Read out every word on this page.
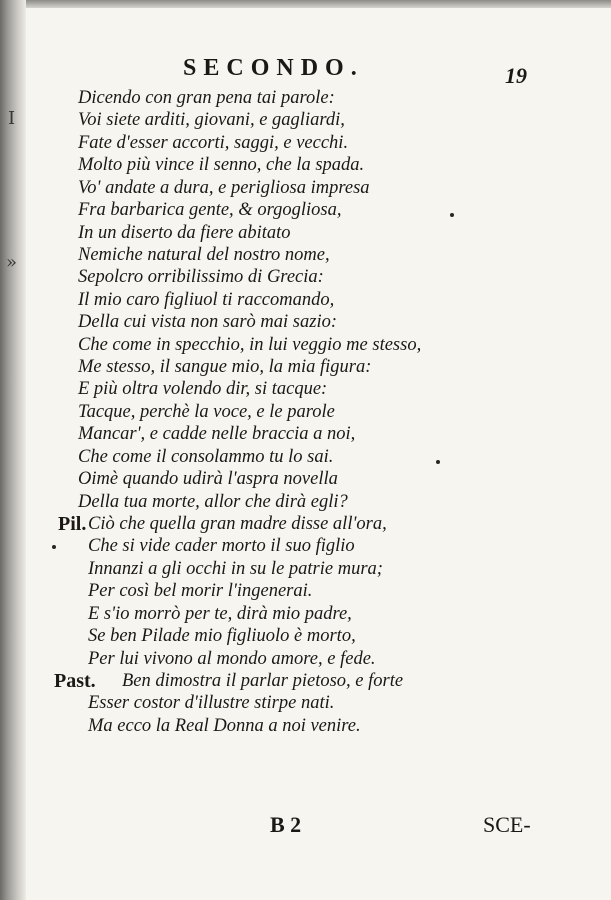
I
»
SECONDO.	19
Dicendo con gran pena tai parole:
Voi siete arditi, giovani, e gagliardi,
Fate d'esser accorti, saggi, e vecchi.
Molto più vince il senno, che la spada.
Vo' andate a dura, e perigliosa impresa
Fra barbarica gente, & orgogliosa,
In un diserto da fiere abitato
Nemiche natural del nostro nome,
Sepolcro orribilissimo di Grecia:
Il mio caro figliuol ti raccomando,
Della cui vista non sarò mai sazio:
Che come in specchio, in lui veggio me stesso,
Me stesso, il sangue mio, la mia figura:
E più oltra volendo dir, si tacque:
Tacque, perchè la voce, e le parole
Mancar', e cadde nelle braccia a noi,
Che come il consolammo tu lo sai.
Oimè quando udirà l'aspra novella
Della tua morte, allor che dirà egli?
Pil. Ciò che quella gran madre disse all'ora,
Che si vide cader morto il suo figlio
Innanzi a gli occhi in su le patrie mura;
Per così bel morir l'ingenerai.
E s'io morrò per te, dirà mio padre,
Se ben Pilade mio figliuolo è morto,
Per lui vivono al mondo amore, e fede.
Past. Ben dimostra il parlar pietoso, e forte
Esser costor d'illustre stirpe nati.
Ma ecco la Real Donna a noi venire.
B 2	SCE-
